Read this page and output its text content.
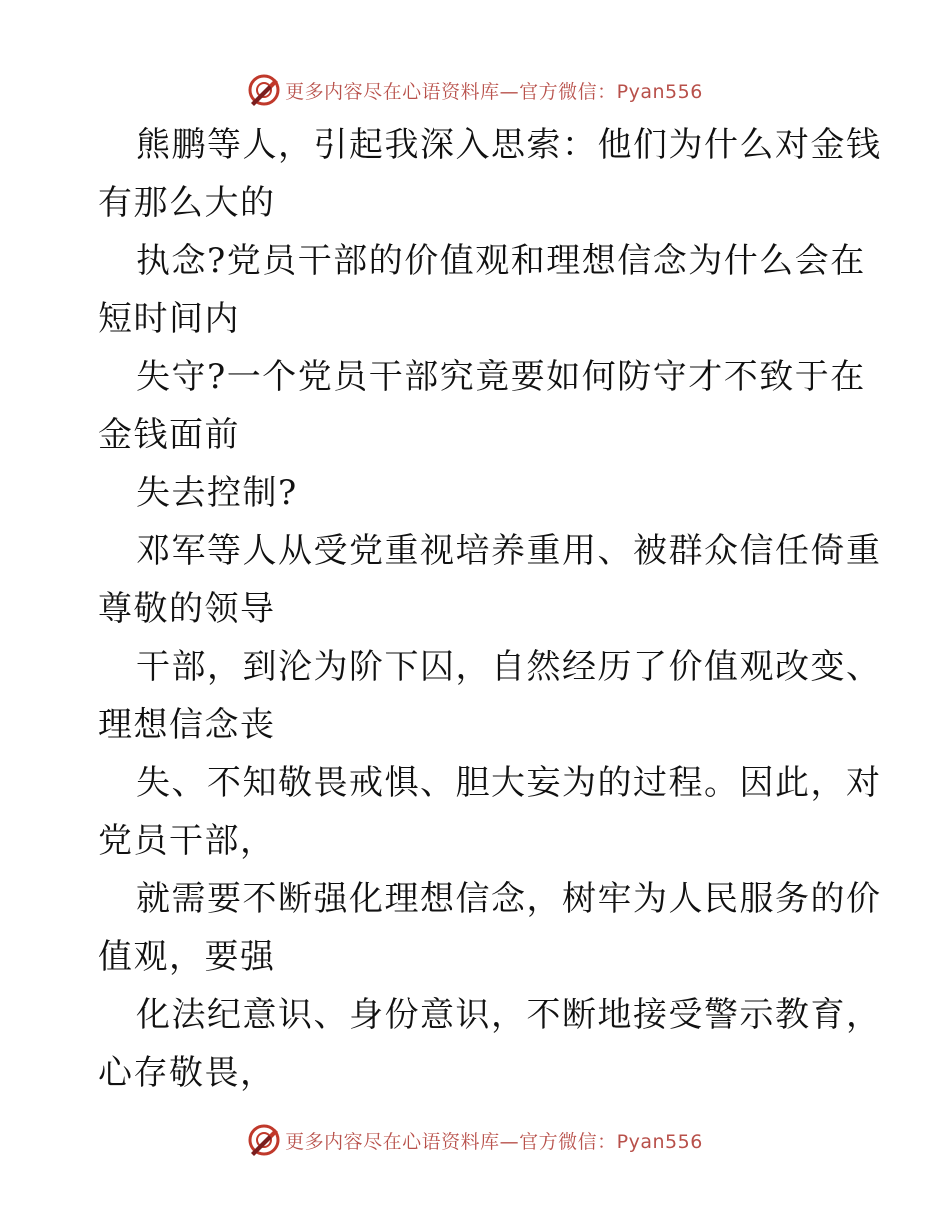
更多内容尽在心语资料库—官方微信：Pyan556
熊鹏等人，引起我深入思索：他们为什么对金钱
有那么大的
执念?党员干部的价值观和理想信念为什么会在
短时间内
失守?一个党员干部究竟要如何防守才不致于在
金钱面前
失去控制?
邓军等人从受党重视培养重用、被群众信任倚重
尊敬的领导
干部，到沦为阶下囚，自然经历了价值观改变、
理想信念丧
失、不知敬畏戒惧、胆大妄为的过程。因此，对
党员干部，
就需要不断强化理想信念，树牢为人民服务的价
值观，要强
化法纪意识、身份意识，不断地接受警示教育，
心存敬畏，
更多内容尽在心语资料库—官方微信：Pyan556
